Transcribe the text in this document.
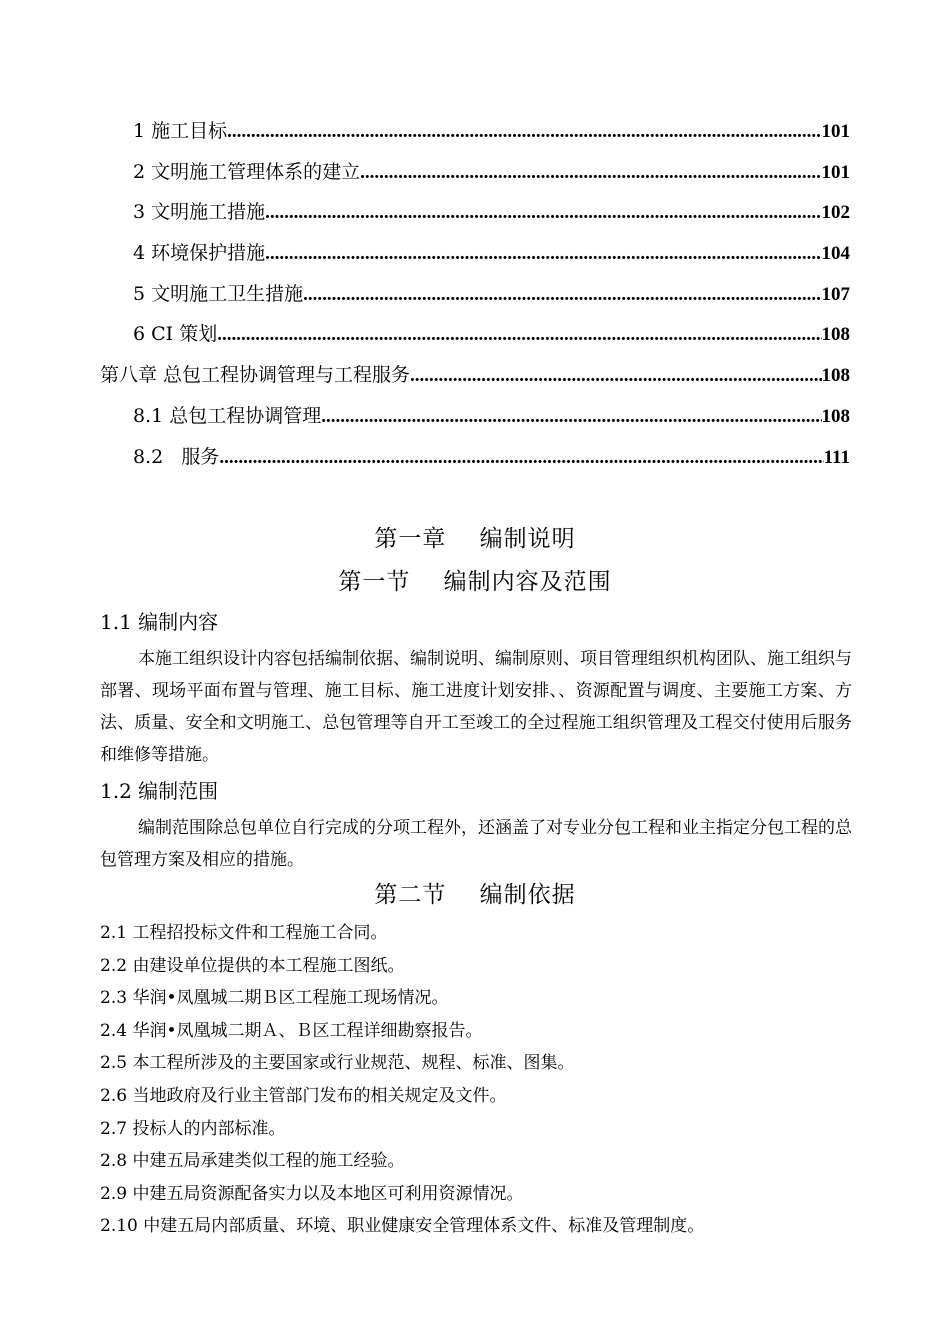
1 施工目标 .....	101
2 文明施工管理体系的建立 .....	101
3 文明施工措施 .....	102
4 环境保护措施 .....	104
5 文明施工卫生措施 .....	107
6 CI 策划 .....	108
第八章 总包工程协调管理与工程服务 .....	108
8.1 总包工程协调管理 .....	108
8.2   服务 .....	111
第一章    编制说明
第一节    编制内容及范围
1.1 编制内容
本施工组织设计内容包括编制依据、编制说明、编制原则、项目管理组织机构团队、施工组织与部署、现场平面布置与管理、施工目标、施工进度计划安排、、资源配置与调度、主要施工方案、方法、质量、安全和文明施工、总包管理等自开工至竣工的全过程施工组织管理及工程交付使用后服务和维修等措施。
1.2 编制范围
编制范围除总包单位自行完成的分项工程外，还涵盖了对专业分包工程和业主指定分包工程的总包管理方案及相应的措施。
第二节    编制依据
2.1 工程招投标文件和工程施工合同。
2.2 由建设单位提供的本工程施工图纸。
2.3 华润•凤凰城二期Ｂ区工程施工现场情况。
2.4 华润•凤凰城二期Ａ、Ｂ区工程详细勘察报告。
2.5 本工程所涉及的主要国家或行业规范、规程、标准、图集。
2.6 当地政府及行业主管部门发布的相关规定及文件。
2.7 投标人的内部标准。
2.8 中建五局承建类似工程的施工经验。
2.9 中建五局资源配备实力以及本地区可利用资源情况。
2.10 中建五局内部质量、环境、职业健康安全管理体系文件、标准及管理制度。
